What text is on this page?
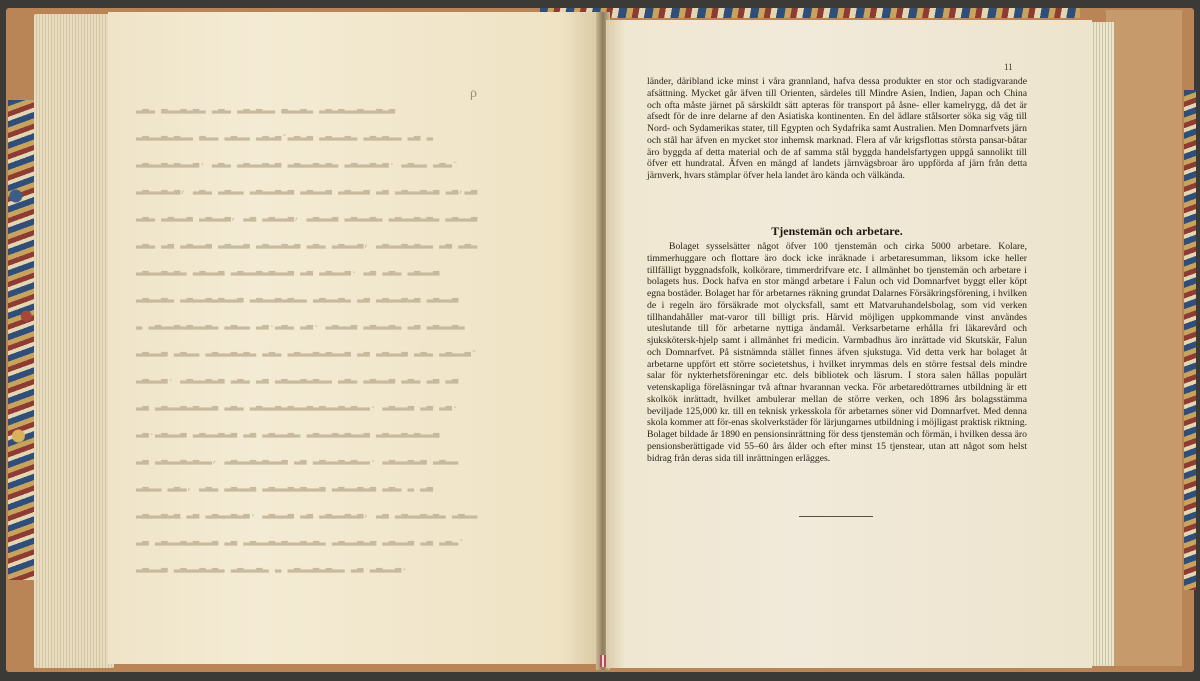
▂▃▂ ▃▂▂▃▂▃▂ ▂▃▂ ▂▃▂▃▂▂ ▃▂▂▃▂ ▂▃▂▃▂▂▃▂▂▃▂▃
▂▃▂▂▃▂▃▂▂ ▃▂▂ ▂▃▂▂ ▂▃▂▃-▂▃▂▃ ▂▃▂▂▃▂ ▂▃▂▃▂▂ ▂▃ ▂
▂▃▂▂▃▂▃▂▂▃. ▂▃▂ ▂▃▂▂▃▂▃ ▂▃▂▂▃▂▃▂ ▂▃▂▂▃▂▃. ▂▃▂▂ ▂▃▂-
▂▃▂▂▃▂▃, ▂▃▂ ▂▃▂▂ ▂▃▂▂▃▂▃ ▂▃▂▂▃ ▂▃▂▂▃ ▂▃ ▂▃▂▂▃▂▃ ▂▃,▂▃
▂▃▂ ▂▃▂▂▃ ▂▃▂▂▃, ▂▃ ▂▃▂▂▃, ▂▃▂▂▃ ▂▃▂▂▃▂ ▂▃▂▂▃▂▃▂ ▂▃▂▂▃
▂▃▂ ▂▃ ▂▃▂▂▃ ▂▃▂▂▃ ▂▃▂▂▃▂▃ ▂▃▂ ▂▃▂▂▃, ▂▃▂▂▃▂▃▂▂ ▂▃ ▂▃▂
▂▃▂▂▃▂▃▂ ▂▃▂▂▃ ▂▃▂▂▃▂▃▂▂▃ ▂▃ ▂▃▂▂▃. ▂▃ ▂▃▂ ▂▃▂▂▃
▂▃▂▂▃▂ ▂▃▂▂▃▂▃▂▂▃ ▂▃▂▂▃▂▃▂▂ ▂▃▂▂▃▂ ▂▃ ▂▃▂▂▃▂▃ ▂▃▂▂▃
▂ ▂▃▂▂▃▂▃▂▂▃▂ ▂▃▂▂ ▂▃.▂▃▂ ▂▃. ▂▃▂▂▃ ▂▃▂▂▃▂ ▂▃ ▂▃▂▂▃▂
▂▃▂▂▃ ▂▃▂▂ ▂▃▂▂▃▂▃▂ ▂▃▂ ▂▃▂▂▃▂▃▂▂▃ ▂▃ ▂▃▂▂▃ ▂▃▂ ▂▃▂▂▃-
▂▃▂▂▃. ▂▃▂▂▃▂▃ ▂▃▂ ▂▃ ▂▃▂▂▃▂▃▂▂ ▂▃▂ ▂▃▂▂▃ ▂▃▂ ▂▃ ▂▃
▂▃ ▂▃▂▂▃▂▃▂▂▃ ▂▃▂ ▂▃▂▂▃▂▃▂▂▃▂▃▂▂▃▂▃▂▂. ▂▃▂▂▃ ▂▃ ▂▃.
▂▃.▂▃▂▂▃ ▂▃▂▂▃▂▃ ▂▃ ▂▃▂▂▃▂ ▂▃▂▂▃▂▃▂▂▃ ▂▃▂▂▃▂▃▂▂▃
▂▃ ▂▃▂▂▃▂▃▂▂, ▂▃▂▂▃▂▃▂▂▃ ▂▃ ▂▃▂▂▃▂▃▂▂. ▂▃▂▂▃▂▃ ▂▃▂▂
▂▃▂▂ ▂▃▂, ▂▃▂ ▂▃▂▂▃ ▂▃▂▂▃▂▃▂▂▃ ▂▃▂▂▃▂▃ ▂▃▂ ▂ ▂▃
▂▃▂▂▃▂▃ ▂▃ ▂▃▂▂▃▂▃. ▂▃▂▂▃ ▂▃ ▂▃▂▂▃▂▃, ▂▃ ▂▃▂▂▃▂▃▂ ▂▃▂▂
▂▃ ▂▃▂▂▃▂▃▂▂▃ ▂▃ ▂▃▂▂▃▂▃▂▂▃▂▃▂ ▂▃▂▂▃▂▃ ▂▃▂▂▃ ▂▃ ▂▃▂-
▂▃▂▂▃ ▂▃▂▂▃▂▃▂ ▂▃▂▂▃▂ ▂ ▂▃▂▂▃▂▃▂▂ ▂▃ ▂▃▂▂▃.
ρ
11

länder, däribland icke minst i våra grannland, hafva dessa produkter en stor och stadigvarande afsättning. Mycket går äfven till Orienten, särdeles till Mindre Asien, Indien, Japan och China och ofta måste järnet på särskildt sätt apteras för transport på åsne- eller kamelrygg, då det är afsedt för de inre delarne af den Asiatiska kontinenten. En del ädlare stålsorter söka sig väg till Nord- och Sydamerikas stater, till Egypten och Sydafrika samt Australien. Men Domnarfvets järn och stål har äfven en mycket stor inhemsk marknad. Flera af vår krigsflottas största pansar-båtar äro byggda af detta material och de af samma stål byggda handelsfartygen uppgå sannolikt till öfver ett hundratal. Äfven en mängd af landets järnvägsbroar äro uppförda af järn från detta järnverk, hvars stämplar öfver hela landet äro kända och välkända.

Tjenstemän och arbetare.

Bolaget sysselsätter något öfver 100 tjenstemän och cirka 5000 arbetare. Kolare, timmerhuggare och flottare äro dock icke inräknade i arbetaresumman, liksom icke heller tillfälligt byggnadsfolk, kolkörare, timmerdrifvare etc. I allmänhet bo tjenstemän och arbetare i bolagets hus. Dock hafva en stor mängd arbetare i Falun och vid Domnarfvet byggt eller köpt egna bostäder. Bolaget har för arbetarnes räkning grundat Dalarnes Försäkringsförening, i hvilken de i regeln äro försäkrade mot olycksfall, samt ett Matvaruhandelsbolag, som vid verken tillhandahåller mat-varor till billigt pris. Härvid möjligen uppkommande vinst användes uteslutande till för arbetarne nyttiga ändamål. Verksarbetarne erhålla fri läkarevård och sjukskötersk-hjelp samt i allmänhet fri medicin. Varmbadhus äro inrättade vid Skutskär, Falun och Domnarfvet. På sistnämnda stället finnes äfven sjukstuga. Vid detta verk har bolaget åt arbetarne uppfört ett större societetshus, i hvilket inrymmas dels en större festsal dels mindre salar för nykterhetsföreningar etc. dels bibliotek och läsrum. I stora salen hållas populärt vetenskapliga föreläsningar två aftnar hvarannan vecka. För arbetaredöttrarnes utbildning är ett skolkök inrättadt, hvilket ambulerar mellan de större verken, och 1896 års bolagsstämma beviljade 125,000 kr. till en teknisk yrkesskola för arbetarnes söner vid Domnarfvet. Med denna skola kommer att för-enas skolverkstäder för lärjungarnes utbildning i möjligast praktisk riktning. Bolaget bildade år 1890 en pensionsinrättning för dess tjenstemän och förmän, i hvilken dessa äro pensionsberättigade vid 55–60 års ålder och efter minst 15 tjenstear, utan att något som helst bidrag från deras sida till inrättningen erlägges.
